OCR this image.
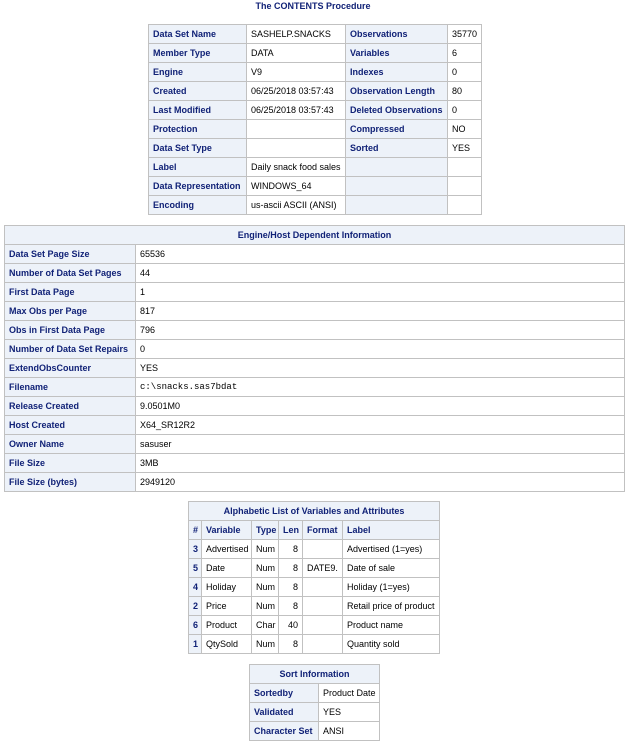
The CONTENTS Procedure
Data Set Name	SASHELP.SNACKS	Observations	35770
Member Type	DATA	Variables	6
Engine	V9	Indexes	0
Created	06/25/2018 03:57:43	Observation Length	80
Last Modified	06/25/2018 03:57:43	Deleted Observations	0
Protection		Compressed	NO
Data Set Type		Sorted	YES
Label	Daily snack food sales		
Data Representation	WINDOWS_64		
Encoding	us-ascii ASCII (ANSI)		
Engine/Host Dependent Information	
Data Set Page Size	65536
Number of Data Set Pages	44
First Data Page	1
Max Obs per Page	817
Obs in First Data Page	796
Number of Data Set Repairs	0
ExtendObsCounter	YES
Filename	c:\snacks.sas7bdat
Release Created	9.0501M0
Host Created	X64_SR12R2
Owner Name	sasuser
File Size	3MB
File Size (bytes)	2949120
Alphabetic List of Variables and Attributes					
#	Variable	Type	Len	Format	Label
3	Advertised	Num	8		Advertised (1=yes)
5	Date	Num	8	DATE9.	Date of sale
4	Holiday	Num	8		Holiday (1=yes)
2	Price	Num	8		Retail price of product
6	Product	Char	40		Product name
1	QtySold	Num	8		Quantity sold
Sort Information	
Sortedby	Product Date
Validated	YES
Character Set	ANSI
